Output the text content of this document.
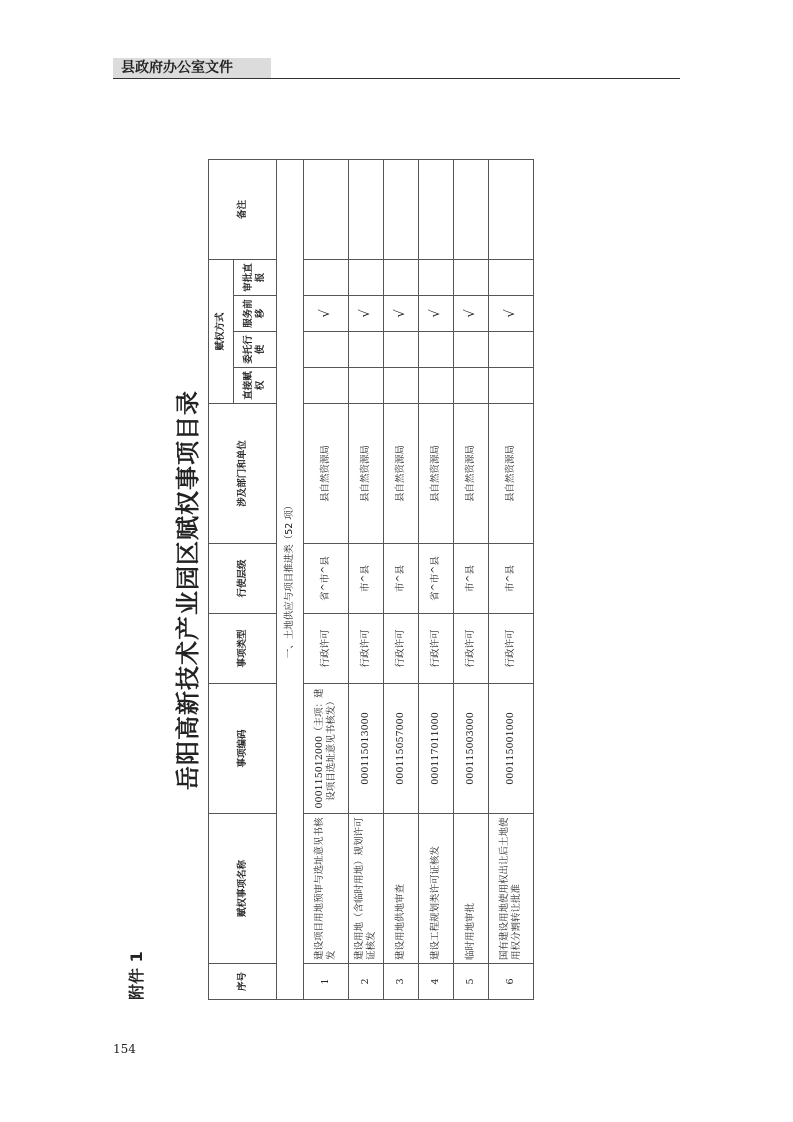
县政府办公室文件
附件 1
岳阳高新技术产业园区赋权事项目录
序号	赋权事项名称	事项编码	事项类型	行使层级	涉及部门和单位	赋权方式				备注
						直接赋权	委托行使	服务前移	审批直报	
一、土地供应与项目推进类（52 项）										
1	建设项目用地预审与选址意见书核发	000115012000（主项：建设项目选址意见书核发）	行政许可	省^市^县	县自然资源局			√		
2	建设用地（含临时用地）规划许可证核发	000115013000	行政许可	市^县	县自然资源局			√		
3	建设用地供地审查	000115057000	行政许可	市^县	县自然资源局			√		
4	建设工程规划类许可证核发	000117011000	行政许可	省^市^县	县自然资源局			√		
5	临时用地审批	000115003000	行政许可	市^县	县自然资源局			√		
6	国有建设用地使用权出让后土地使用权分割转让批准	000115001000	行政许可	市^县	县自然资源局			√		
154
